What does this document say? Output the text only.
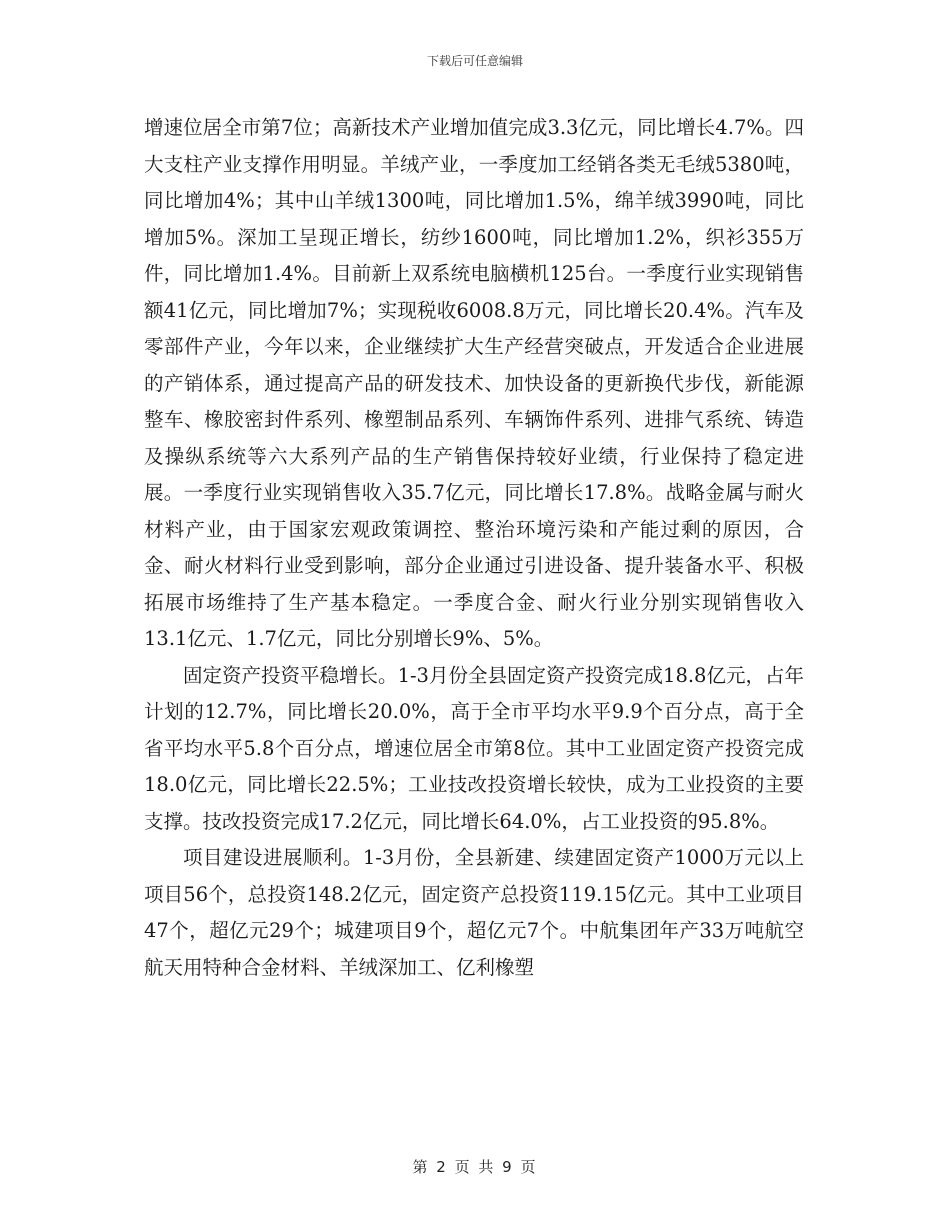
下载后可任意编辑

增速位居全市第7位；高新技术产业增加值完成3.3亿元，同比增长4.7%。四大支柱产业支撑作用明显。羊绒产业，一季度加工经销各类无毛绒5380吨，同比增加4%；其中山羊绒1300吨，同比增加1.5%，绵羊绒3990吨，同比增加5%。深加工呈现正增长，纺纱1600吨，同比增加1.2%，织衫355万件，同比增加1.4%。目前新上双系统电脑横机125台。一季度行业实现销售额41亿元，同比增加7%；实现税收6008.8万元，同比增长20.4%。汽车及零部件产业，今年以来，企业继续扩大生产经营突破点，开发适合企业进展的产销体系，通过提高产品的研发技术、加快设备的更新换代步伐，新能源整车、橡胶密封件系列、橡塑制品系列、车辆饰件系列、进排气系统、铸造及操纵系统等六大系列产品的生产销售保持较好业绩，行业保持了稳定进展。一季度行业实现销售收入35.7亿元，同比增长17.8%。战略金属与耐火材料产业，由于国家宏观政策调控、整治环境污染和产能过剩的原因，合金、耐火材料行业受到影响，部分企业通过引进设备、提升装备水平、积极拓展市场维持了生产基本稳定。一季度合金、耐火行业分别实现销售收入13.1亿元、1.7亿元，同比分别增长9%、5%。

固定资产投资平稳增长。1-3月份全县固定资产投资完成18.8亿元，占年计划的12.7%，同比增长20.0%，高于全市平均水平9.9个百分点，高于全省平均水平5.8个百分点，增速位居全市第8位。其中工业固定资产投资完成18.0亿元，同比增长22.5%；工业技改投资增长较快，成为工业投资的主要支撑。技改投资完成17.2亿元，同比增长64.0%，占工业投资的95.8%。

项目建设进展顺利。1-3月份，全县新建、续建固定资产1000万元以上项目56个，总投资148.2亿元，固定资产总投资119.15亿元。其中工业项目47个，超亿元29个；城建项目9个，超亿元7个。中航集团年产33万吨航空航天用特种合金材料、羊绒深加工、亿利橡塑

第 2 页 共 9 页
